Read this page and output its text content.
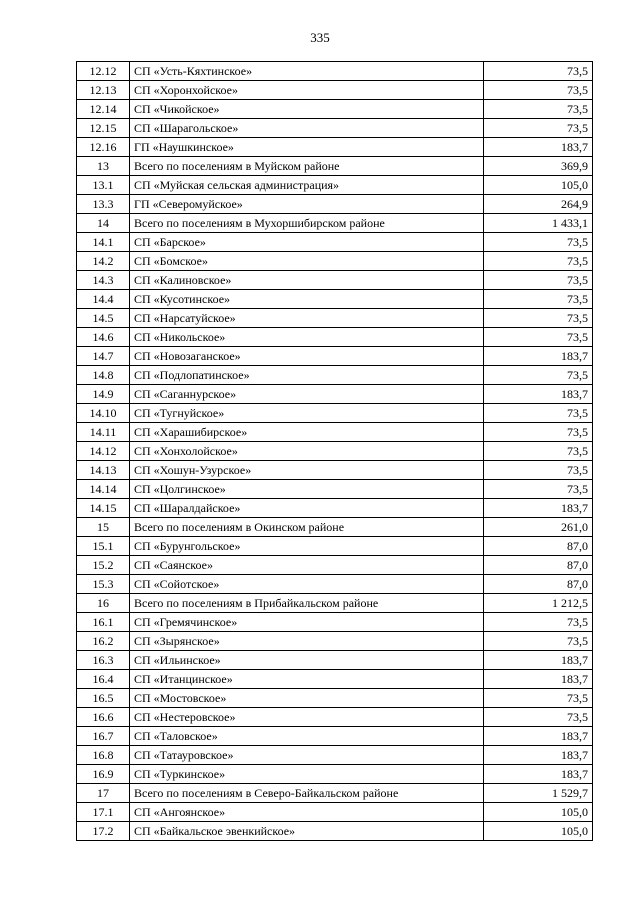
335
12.12	СП «Усть-Кяхтинское»	73,5
12.13	СП «Хоронхойское»	73,5
12.14	СП «Чикойское»	73,5
12.15	СП «Шарагольское»	73,5
12.16	ГП «Наушкинское»	183,7
13	Всего по поселениям в Муйском районе	369,9
13.1	СП «Муйская сельская администрация»	105,0
13.3	ГП «Северомуйское»	264,9
14	Всего по поселениям в Мухоршибирском районе	1 433,1
14.1	СП «Барское»	73,5
14.2	СП «Бомское»	73,5
14.3	СП «Калиновское»	73,5
14.4	СП «Кусотинское»	73,5
14.5	СП «Нарсатуйское»	73,5
14.6	СП «Никольское»	73,5
14.7	СП «Новозаганское»	183,7
14.8	СП «Подлопатинское»	73,5
14.9	СП «Саганнурское»	183,7
14.10	СП «Тугнуйское»	73,5
14.11	СП «Харашибирское»	73,5
14.12	СП «Хонхолойское»	73,5
14.13	СП «Хошун-Узурское»	73,5
14.14	СП «Цолгинское»	73,5
14.15	СП «Шаралдайское»	183,7
15	Всего по поселениям в Окинском районе	261,0
15.1	СП «Бурунгольское»	87,0
15.2	СП «Саянское»	87,0
15.3	СП «Сойотское»	87,0
16	Всего по поселениям в Прибайкальском районе	1 212,5
16.1	СП «Гремячинское»	73,5
16.2	СП «Зырянское»	73,5
16.3	СП «Ильинское»	183,7
16.4	СП «Итанцинское»	183,7
16.5	СП «Мостовское»	73,5
16.6	СП «Нестеровское»	73,5
16.7	СП «Таловское»	183,7
16.8	СП «Татауровское»	183,7
16.9	СП «Туркинское»	183,7
17	Всего по поселениям в Северо-Байкальском районе	1 529,7
17.1	СП «Ангоянское»	105,0
17.2	СП «Байкальское эвенкийское»	105,0
